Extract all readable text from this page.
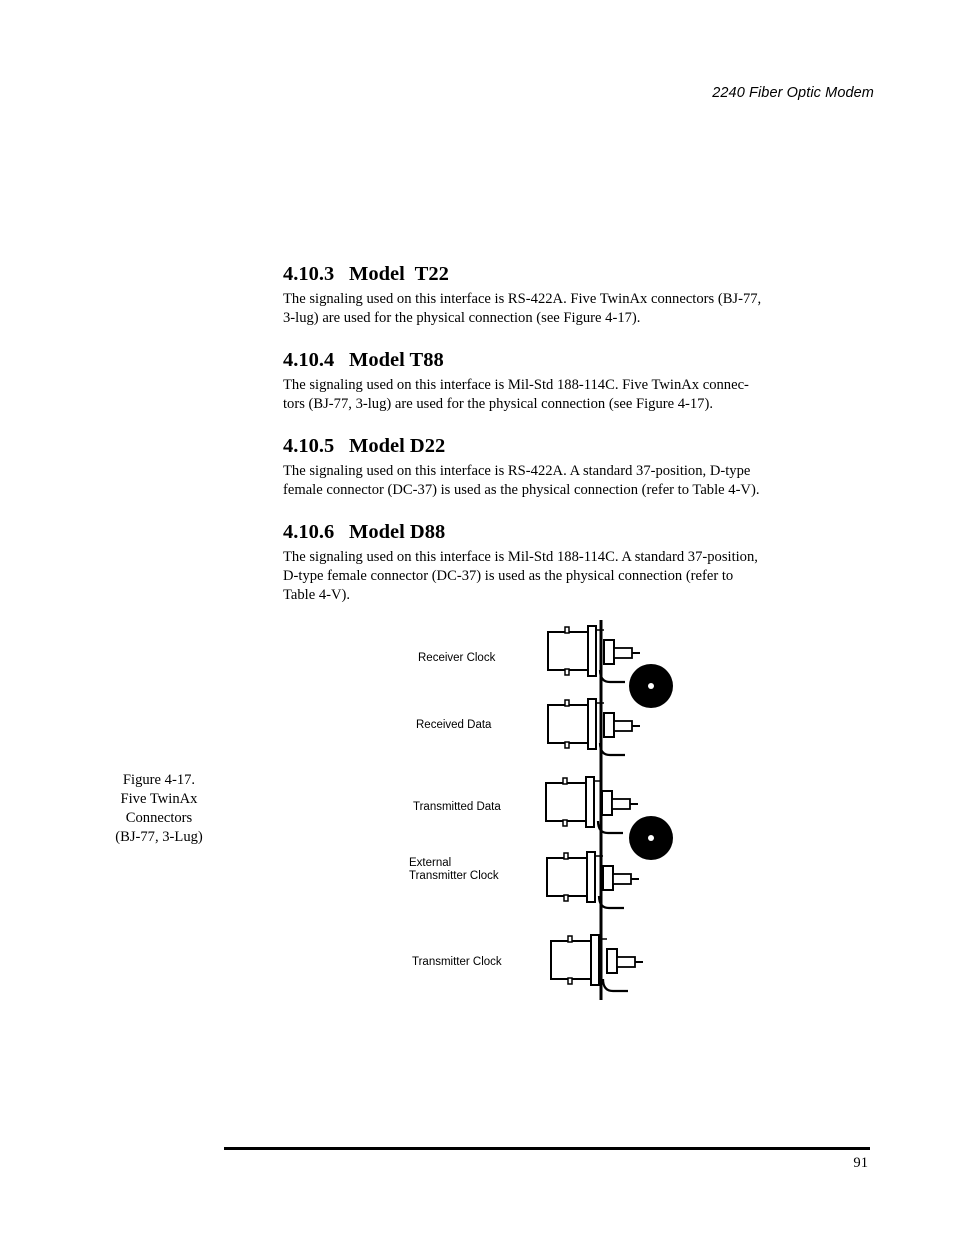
2240 Fiber Optic Modem
4.10.3 Model  T22

The signaling used on this interface is RS-422A. Five TwinAx connectors (BJ-77,
3-lug) are used for the physical connection (see Figure 4-17).

4.10.4 Model T88

The signaling used on this interface is Mil-Std 188-114C. Five TwinAx connec-
tors (BJ-77, 3-lug) are used for the physical connection (see Figure 4-17).

4.10.5 Model D22

The signaling used on this interface is RS-422A. A standard 37-position, D-type
female connector (DC-37) is used as the physical connection (refer to Table 4-V).

4.10.6 Model D88

The signaling used on this interface is Mil-Std 188-114C. A standard 37-position,
D-type female connector (DC-37) is used as the physical connection (refer to
Table 4-V).

Figure 4-17.
Five TwinAx
Connectors
(BJ-77, 3-Lug)
Receiver Clock
Received Data
Transmitted Data
External
Transmitter Clock
Transmitter Clock
91
